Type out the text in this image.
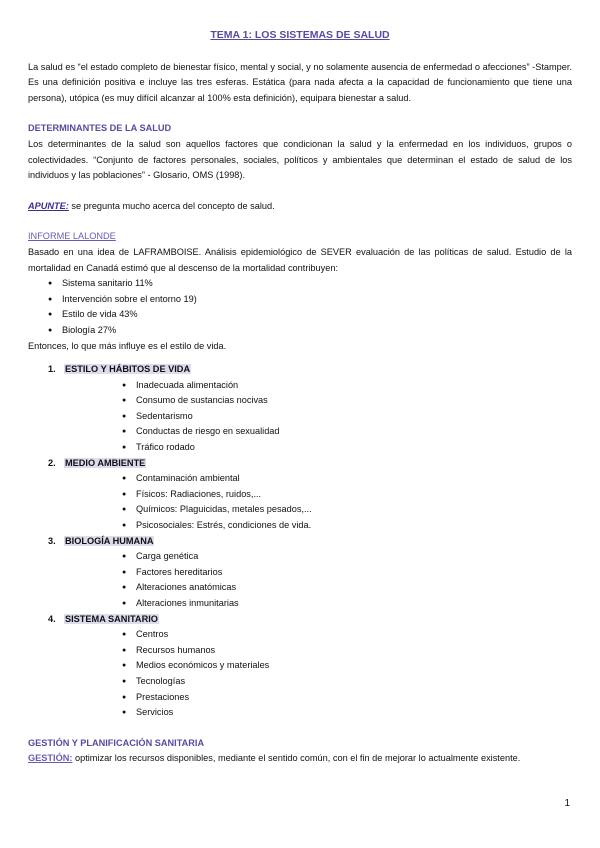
TEMA 1: LOS SISTEMAS DE SALUD

La salud es “el estado completo de bienestar físico, mental y social, y no solamente ausencia de enfermedad o afecciones” -Stamper. Es una definición positiva e incluye las tres esferas. Estática (para nada afecta a la capacidad de funcionamiento que tiene una persona), utópica (es muy difícil alcanzar al 100% esta definición), equipara bienestar a salud.

DETERMINANTES DE LA SALUD

Los determinantes de la salud son aquellos factores que condicionan la salud y la enfermedad en los individuos, grupos o colectividades. “Conjunto de factores personales, sociales, políticos y ambientales que determinan el estado de salud de los individuos y las poblaciones” - Glosario, OMS (1998).

APUNTE: se pregunta mucho acerca del concepto de salud.

INFORME LALONDE

Basado en una idea de LAFRAMBOISE. Análisis epidemiológico de SEVER evaluación de las políticas de salud. Estudio de la mortalidad en Canadá estimó que al descenso de la mortalidad contribuyen:

● Sistema sanitario 11%
● Intervención sobre el entorno 19)
● Estilo de vida 43%
● Biología 27%

Entonces, lo que más influye es el estilo de vida.

1. ESTILO Y HÁBITOS DE VIDA
● Inadecuada alimentación
● Consumo de sustancias nocivas
● Sedentarismo
● Conductas de riesgo en sexualidad
● Tráfico rodado
2. MEDIO AMBIENTE
● Contaminación ambiental
● Físicos: Radiaciones, ruidos,...
● Químicos: Plaguicidas, metales pesados,...
● Psicosociales: Estrés, condiciones de vida.
3. BIOLOGÍA HUMANA
● Carga genética
● Factores hereditarios
● Alteraciones anatómicas
● Alteraciones inmunitarias
4. SISTEMA SANITARIO
● Centros
● Recursos humanos
● Medios económicos y materiales
● Tecnologías
● Prestaciones
● Servicios

GESTIÓN Y PLANIFICACIÓN SANITARIA

GESTIÓN: optimizar los recursos disponibles, mediante el sentido común, con el fin de mejorar lo actualmente existente.

1
